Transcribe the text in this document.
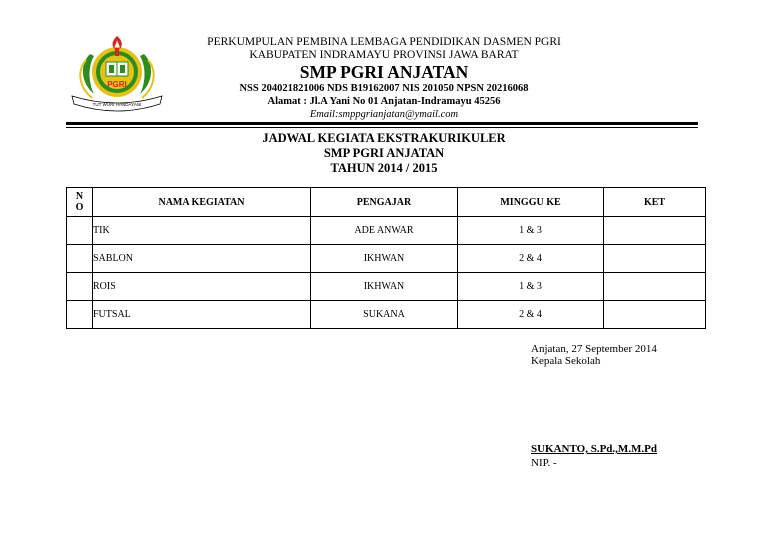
PGRI
TUT WURI HANDAYANI
PERKUMPULAN PEMBINA LEMBAGA PENDIDIKAN DASMEN PGRI
KABUPATEN INDRAMAYU PROVINSI JAWA BARAT
SMP PGRI ANJATAN
NSS 204021821006 NDS B19162007 NIS 201050 NPSN 20216068
Alamat : Jl.A Yani No 01 Anjatan-Indramayu 45256
Email:smppgrianjatan@ymail.com
JADWAL KEGIATA EKSTRAKURIKULER
SMP PGRI ANJATAN
TAHUN 2014 / 2015
N
O	NAMA KEGIATAN	PENGAJAR	MINGGU KE	KET
	TIK	ADE ANWAR	1 & 3	
	SABLON	IKHWAN	2 & 4	
	ROIS	IKHWAN	1 & 3	
	FUTSAL	SUKANA	2 & 4	
Anjatan, 27 September 2014
Kepala Sekolah
SUKANTO, S.Pd.,M.M.Pd
NIP. -
